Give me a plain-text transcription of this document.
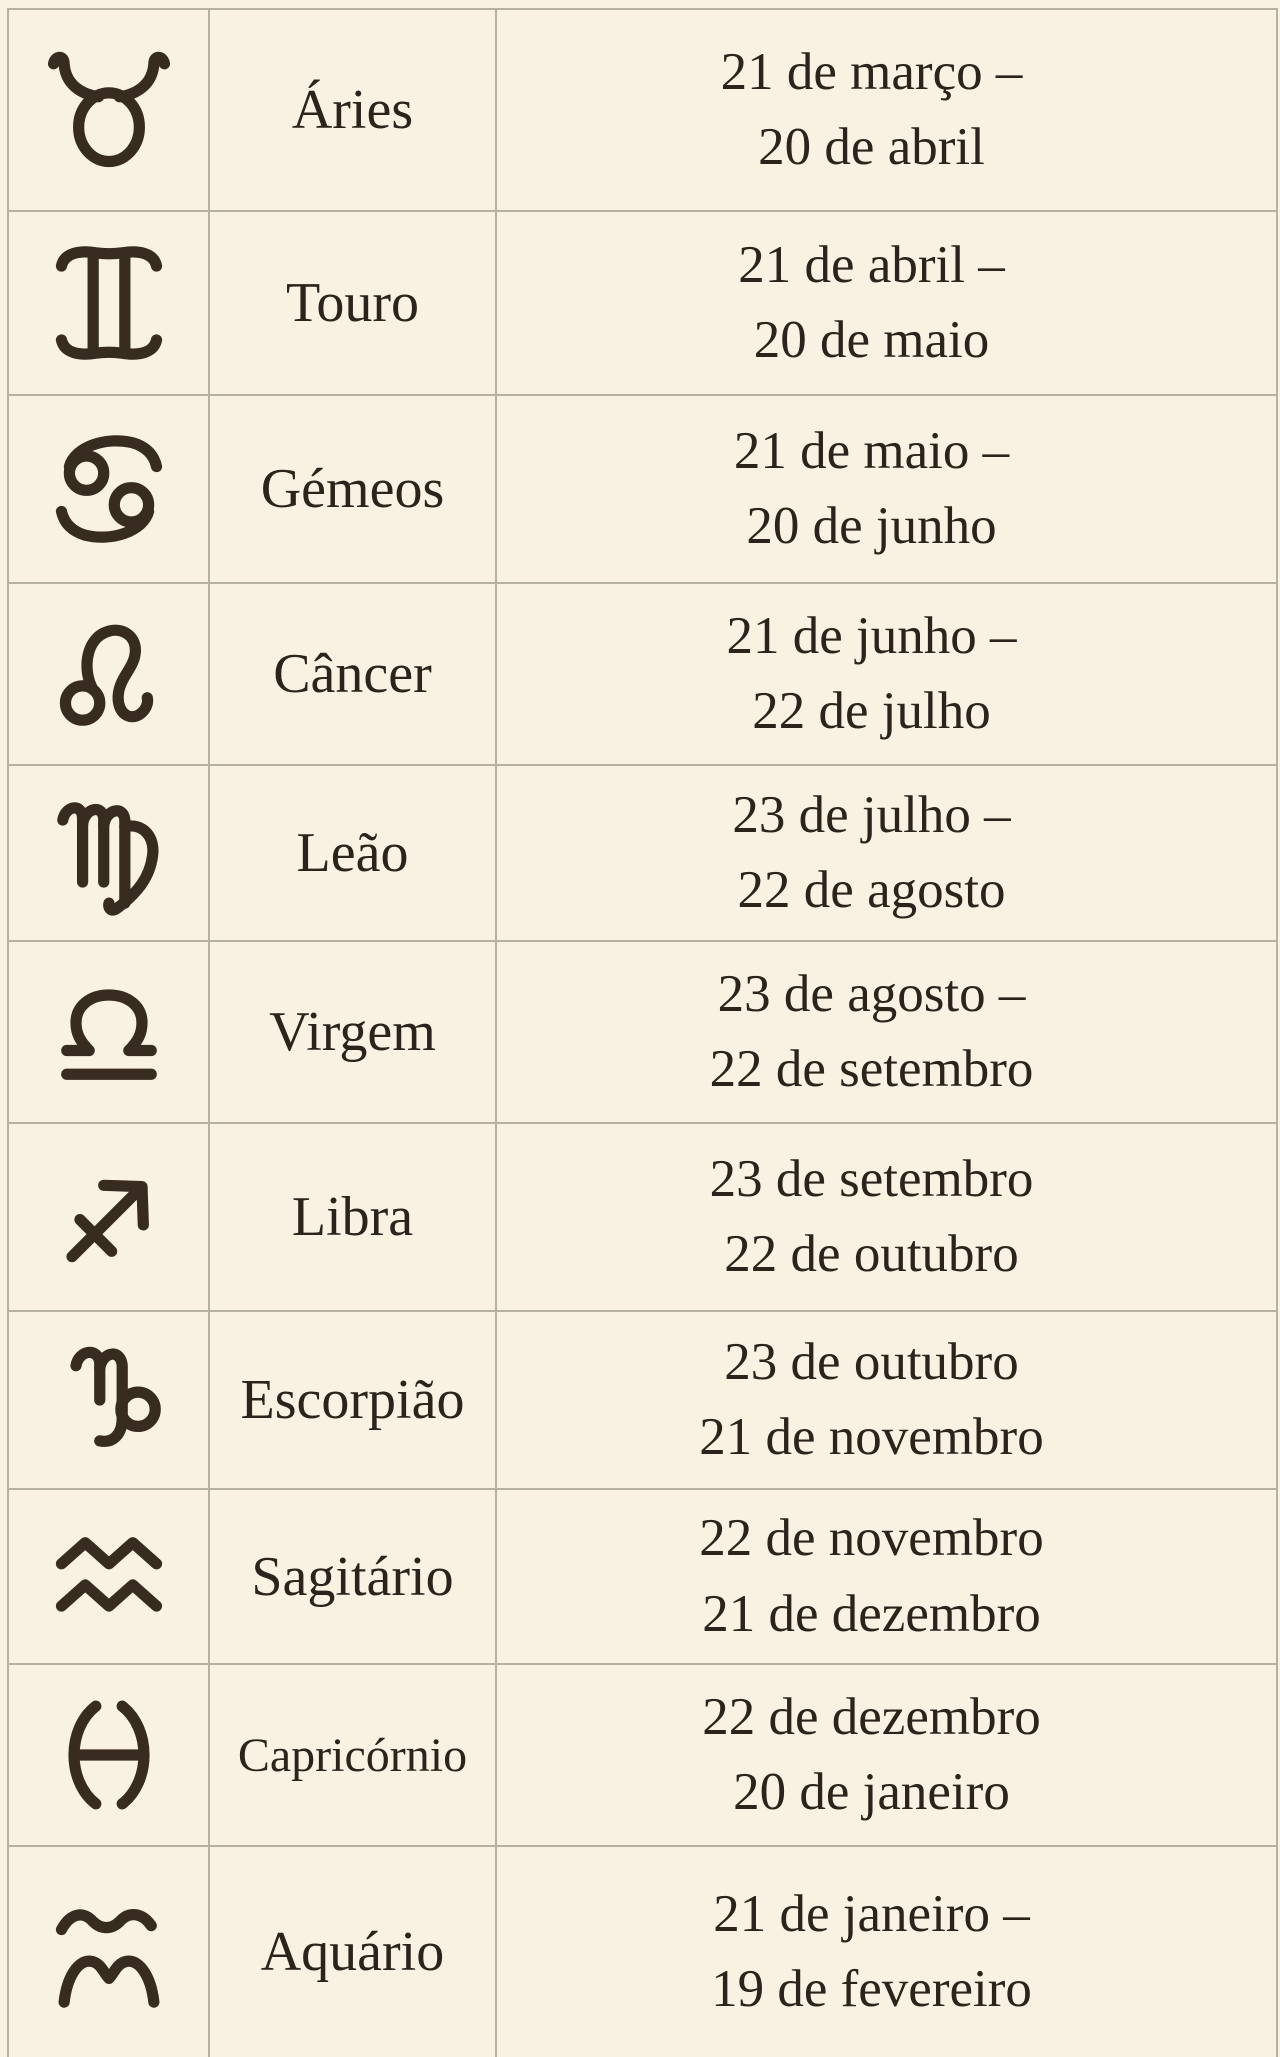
Áries
21 de março –
20 de abril
Touro
21 de abril –
20 de maio
Gémeos
21 de maio –
20 de junho
Câncer
21 de junho –
22 de julho
Leão
23 de julho –
22 de agosto
Virgem
23 de agosto –
22 de setembro
Libra
23 de setembro
22 de outubro
Escorpião
23 de outubro
21 de novembro
Sagitário
22 de novembro
21 de dezembro
Capricórnio
22 de dezembro
20 de janeiro
Aquário
21 de janeiro –
19 de fevereiro
